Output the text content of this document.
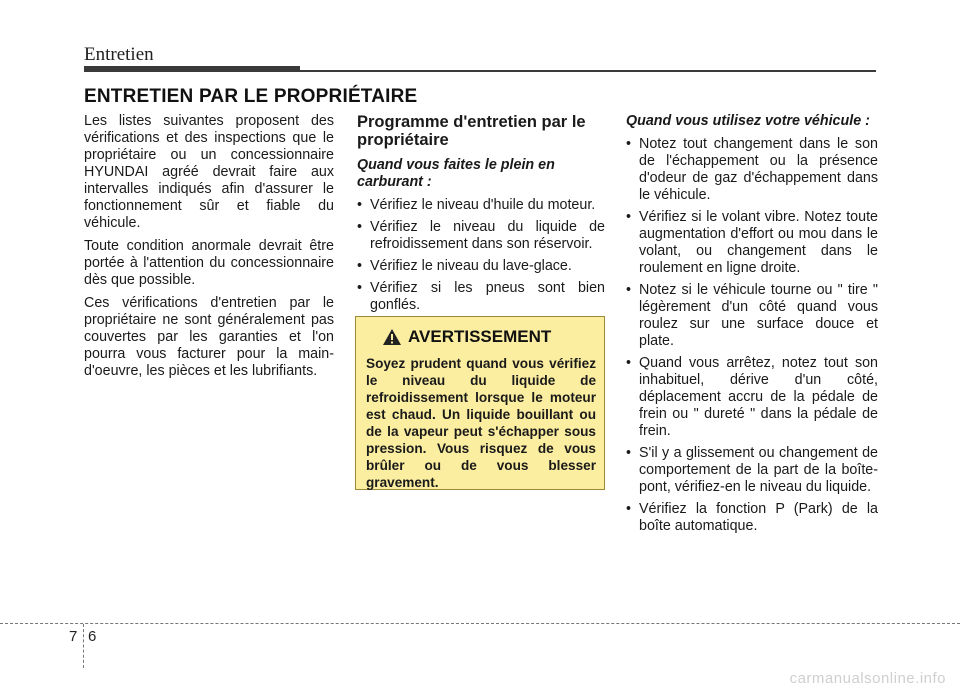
Entretien
ENTRETIEN PAR LE PROPRIÉTAIRE

Les listes suivantes proposent des vérifications et des inspections que le propriétaire ou un concessionnaire HYUNDAI agréé devrait faire aux intervalles indiqués afin d'assurer le fonctionnement sûr et fiable du véhicule.

Toute condition anormale devrait être portée à l'attention du concessionnaire dès que possible.

Ces vérifications d'entretien par le propriétaire ne sont généralement pas couvertes par les garanties et l'on pourra vous facturer pour la main-d'oeuvre, les pièces et les lubrifiants.

Programme d'entretien par le propriétaire
Quand vous faites le plein en carburant :
• Vérifiez le niveau d'huile du moteur.
• Vérifiez le niveau du liquide de refroidissement dans son réservoir.
• Vérifiez le niveau du lave-glace.
• Vérifiez si les pneus sont bien gonflés.
AVERTISSEMENT

Soyez prudent quand vous vérifiez le niveau du liquide de refroidissement lorsque le moteur est chaud. Un liquide bouillant ou de la vapeur peut s'échapper sous pression. Vous risquez de vous brûler ou de vous blesser gravement.

Quand vous utilisez votre véhicule :
• Notez tout changement dans le son de l'échappement ou la présence d'odeur de gaz d'échappement dans le véhicule.
• Vérifiez si le volant vibre. Notez toute augmentation d'effort ou mou dans le volant, ou changement dans le roulement en ligne droite.
• Notez si le véhicule tourne ou " tire " légèrement d'un côté quand vous roulez sur une surface douce et plate.
• Quand vous arrêtez, notez tout son inhabituel, dérive d'un côté, déplacement accru de la pédale de frein ou " dureté " dans la pédale de frein.
• S'il y a glissement ou changement de comportement de la part de la boîte-pont, vérifiez-en le niveau du liquide.
• Vérifiez la fonction P (Park) de la boîte automatique.
7 6
carmanualsonline.info
